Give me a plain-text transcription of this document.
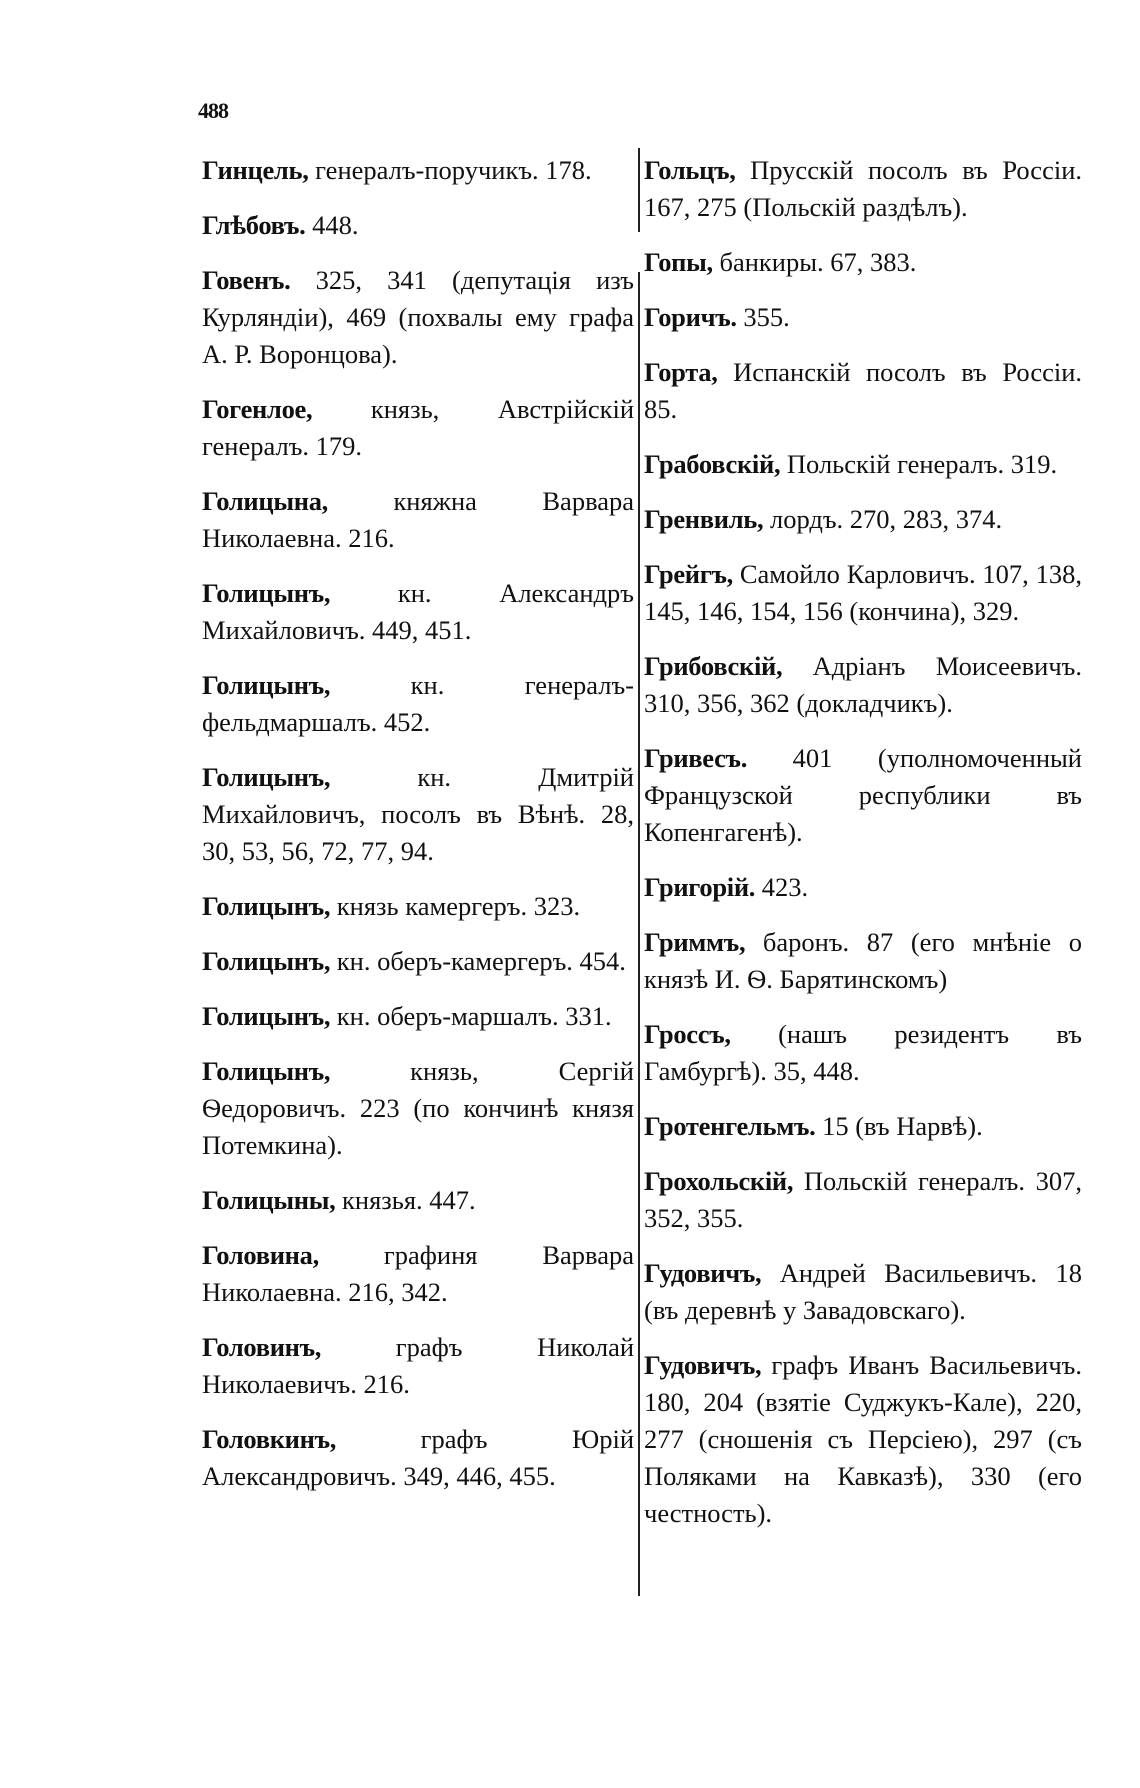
488

Гинцель, генералъ-поручикъ. 178.

Глѣбовъ. 448.

Говенъ. 325, 341 (депутація изъ Курляндіи), 469 (похвалы ему графа А. Р. Воронцова).

Гогенлое, князь, Австрійскій генералъ. 179.

Голицына, княжна Варвара Николаевна. 216.

Голицынъ,	кн. Александръ Михайловичъ. 449, 451.

Голицынъ,	кн. генералъ-фельдмаршалъ. 452.

Голицынъ,	кн. Дмитрій Михайловичъ, посолъ въ Вѣнѣ. 28, 30, 53, 56, 72, 77, 94.

Голицынъ, князь камергеръ. 323.

Голицынъ, кн. оберъ-камергеръ. 454.

Голицынъ, кн. оберъ-маршалъ. 331.

Голицынъ,	князь, Сергій Ѳедоровичъ. 223 (по кончинѣ князя Потемкина).

Голицыны, князья. 447.

Головина, графиня Варвара Николаевна. 216, 342.

Головинъ,	графъ Николай Николаевичъ. 216.

Головкинъ,	графъ Юрій Александровичъ. 349, 446, 455.

Гольцъ, Прусскій посолъ въ Россіи. 167, 275 (Польскій раздѣлъ).

Гопы, банкиры. 67, 383.

Горичъ. 355.

Горта, Испанскій посолъ въ Россіи. 85.

Грабовскій, Польскій генералъ. 319.

Гренвиль, лордъ. 270, 283, 374.

Грейгъ, Самойло Карловичъ. 107, 138, 145, 146, 154, 156 (кончина), 329.

Грибовскій, Адріанъ Моисеевичъ. 310, 356, 362 (докладчикъ).

Гривесъ. 401 (уполномоченный Французской республики въ Копенгагенѣ).

Григорій. 423.

Гриммъ, баронъ. 87 (его мнѣніе о князѣ И. Ѳ. Барятинскомъ)

Гроссъ, (нашъ резидентъ въ Гамбургѣ). 35, 448.

Гротенгельмъ. 15 (въ Нарвѣ).

Грохольскій, Польскій генералъ. 307, 352, 355.

Гудовичъ, Андрей Васильевичъ. 18 (въ деревнѣ у Завадовскаго).

Гудовичъ, графъ Иванъ Васильевичъ. 180, 204 (взятіе Суджукъ-Кале), 220, 277 (сношенія съ Персіею), 297 (съ Поляками на Кавказѣ), 330 (его честность).
